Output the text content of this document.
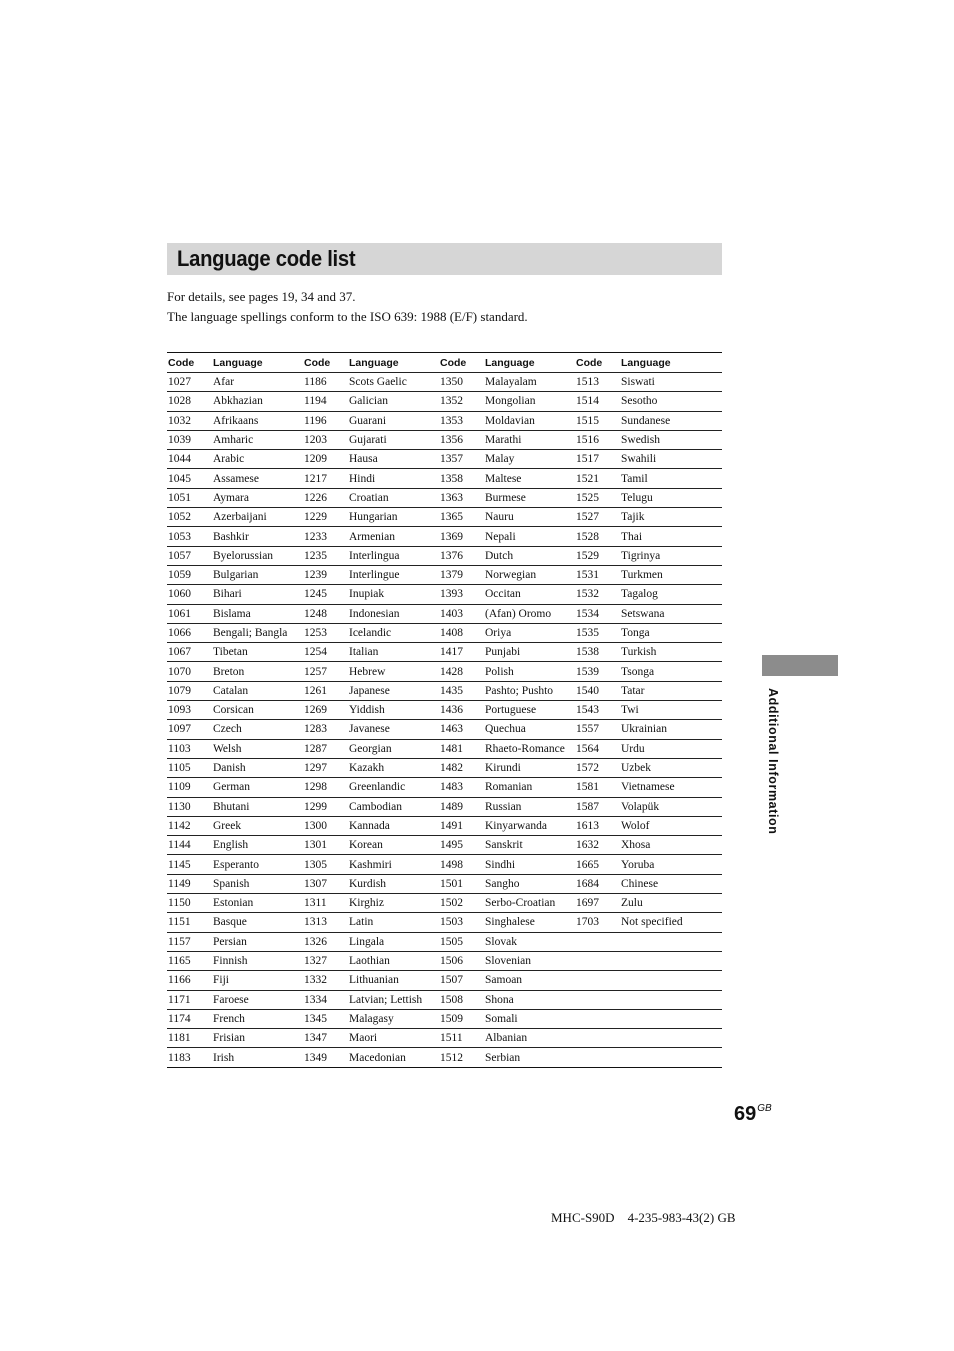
Language code list

For details, see pages 19, 34 and 37.

The language spellings conform to the ISO 639: 1988 (E/F) standard.

Code	Language	Code	Language	Code	Language	Code	Language
1027	Afar	1186	Scots Gaelic	1350	Malayalam	1513	Siswati
1028	Abkhazian	1194	Galician	1352	Mongolian	1514	Sesotho
1032	Afrikaans	1196	Guarani	1353	Moldavian	1515	Sundanese
1039	Amharic	1203	Gujarati	1356	Marathi	1516	Swedish
1044	Arabic	1209	Hausa	1357	Malay	1517	Swahili
1045	Assamese	1217	Hindi	1358	Maltese	1521	Tamil
1051	Aymara	1226	Croatian	1363	Burmese	1525	Telugu
1052	Azerbaijani	1229	Hungarian	1365	Nauru	1527	Tajik
1053	Bashkir	1233	Armenian	1369	Nepali	1528	Thai
1057	Byelorussian	1235	Interlingua	1376	Dutch	1529	Tigrinya
1059	Bulgarian	1239	Interlingue	1379	Norwegian	1531	Turkmen
1060	Bihari	1245	Inupiak	1393	Occitan	1532	Tagalog
1061	Bislama	1248	Indonesian	1403	(Afan) Oromo	1534	Setswana
1066	Bengali; Bangla	1253	Icelandic	1408	Oriya	1535	Tonga
1067	Tibetan	1254	Italian	1417	Punjabi	1538	Turkish
1070	Breton	1257	Hebrew	1428	Polish	1539	Tsonga
1079	Catalan	1261	Japanese	1435	Pashto; Pushto	1540	Tatar
1093	Corsican	1269	Yiddish	1436	Portuguese	1543	Twi
1097	Czech	1283	Javanese	1463	Quechua	1557	Ukrainian
1103	Welsh	1287	Georgian	1481	Rhaeto-Romance	1564	Urdu
1105	Danish	1297	Kazakh	1482	Kirundi	1572	Uzbek
1109	German	1298	Greenlandic	1483	Romanian	1581	Vietnamese
1130	Bhutani	1299	Cambodian	1489	Russian	1587	Volapük
1142	Greek	1300	Kannada	1491	Kinyarwanda	1613	Wolof
1144	English	1301	Korean	1495	Sanskrit	1632	Xhosa
1145	Esperanto	1305	Kashmiri	1498	Sindhi	1665	Yoruba
1149	Spanish	1307	Kurdish	1501	Sangho	1684	Chinese
1150	Estonian	1311	Kirghiz	1502	Serbo-Croatian	1697	Zulu
1151	Basque	1313	Latin	1503	Singhalese	1703	Not specified
1157	Persian	1326	Lingala	1505	Slovak		
1165	Finnish	1327	Laothian	1506	Slovenian		
1166	Fiji	1332	Lithuanian	1507	Samoan		
1171	Faroese	1334	Latvian; Lettish	1508	Shona		
1174	French	1345	Malagasy	1509	Somali		
1181	Frisian	1347	Maori	1511	Albanian		
1183	Irish	1349	Macedonian	1512	Serbian		
Additional Information
$69^{GB}$
MHC-S90D    4-235-983-43(2) GB
